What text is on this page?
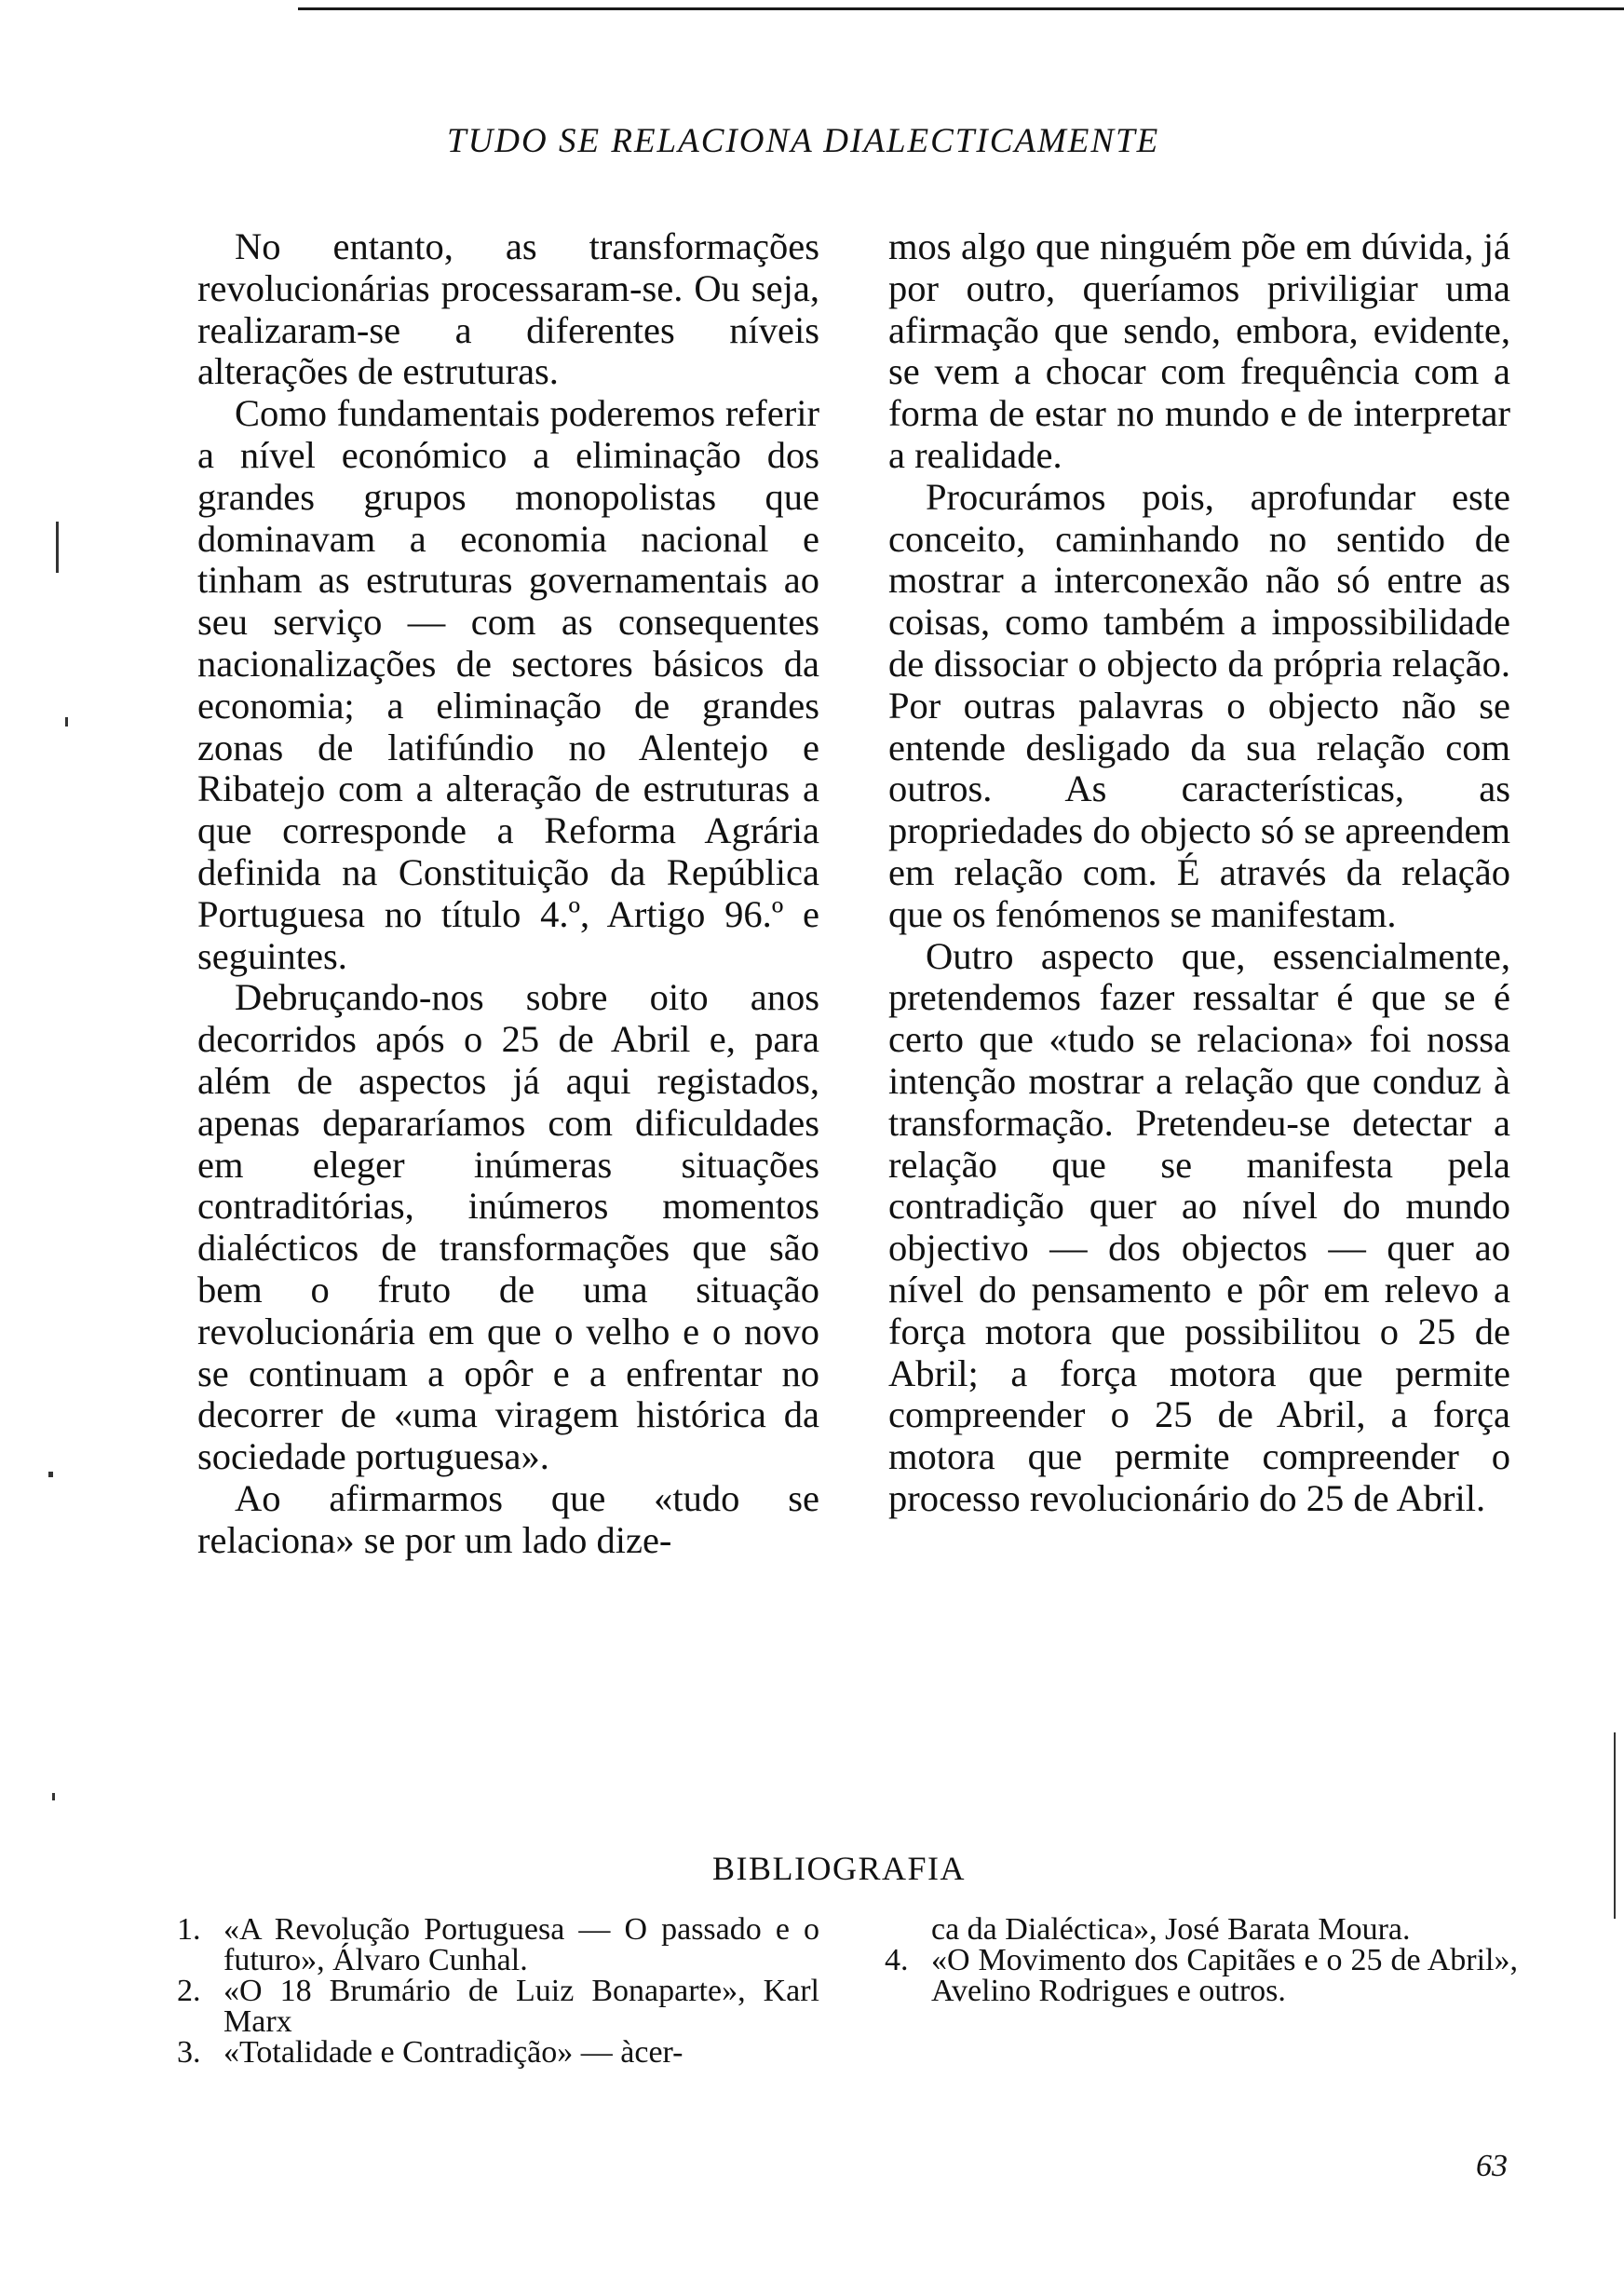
TUDO SE RELACIONA DIALECTICAMENTE

No entanto, as transformações revolucionárias processaram-se. Ou seja, realizaram-se a diferentes níveis alterações de estruturas.

Como fundamentais poderemos referir a nível económico a eliminação dos grandes grupos monopolistas que dominavam a economia nacional e tinham as estruturas governamentais ao seu serviço — com as consequentes nacionalizações de sectores básicos da economia; a eliminação de grandes zonas de latifúndio no Alentejo e Ribatejo com a alteração de estruturas a que corresponde a Reforma Agrária definida na Constituição da República Portuguesa no título 4.º, Artigo 96.º e seguintes.

Debruçando-nos sobre oito anos decorridos após o 25 de Abril e, para além de aspectos já aqui registados, apenas depararíamos com dificuldades em eleger inúmeras situações contraditórias, inúmeros momentos dialécticos de transformações que são bem o fruto de uma situação revolucionária em que o velho e o novo se continuam a opôr e a enfrentar no decorrer de «uma viragem histórica da sociedade portuguesa».

Ao afirmarmos que «tudo se relaciona» se por um lado dize-

mos algo que ninguém põe em dúvida, já por outro, queríamos priviligiar uma afirmação que sendo, embora, evidente, se vem a chocar com frequência com a forma de estar no mundo e de interpretar a realidade.

Procurámos pois, aprofundar este conceito, caminhando no sentido de mostrar a interconexão não só entre as coisas, como também a impossibilidade de dissociar o objecto da própria relação. Por outras palavras o objecto não se entende desligado da sua relação com outros. As características, as propriedades do objecto só se apreendem em relação com. É através da relação que os fenómenos se manifestam.

Outro aspecto que, essencialmente, pretendemos fazer ressaltar é que se é certo que «tudo se relaciona» foi nossa intenção mostrar a relação que conduz à transformação. Pretendeu-se detectar a relação que se manifesta pela contradição quer ao nível do mundo objectivo — dos objectos — quer ao nível do pensamento e pôr em relevo a força motora que possibilitou o 25 de Abril; a força motora que permite compreender o 25 de Abril, a força motora que permite compreender o processo revolucionário do 25 de Abril.

BIBLIOGRAFIA
1. «A Revolução Portuguesa — O passado e o futuro», Álvaro Cunhal.
2. «O 18 Brumário de Luiz Bonaparte», Karl Marx
3. «Totalidade e Contradição» — àcer-
ca da Dialéctica», José Barata Moura.
4. «O Movimento dos Capitães e o 25 de Abril», Avelino Rodrigues e outros.
63
